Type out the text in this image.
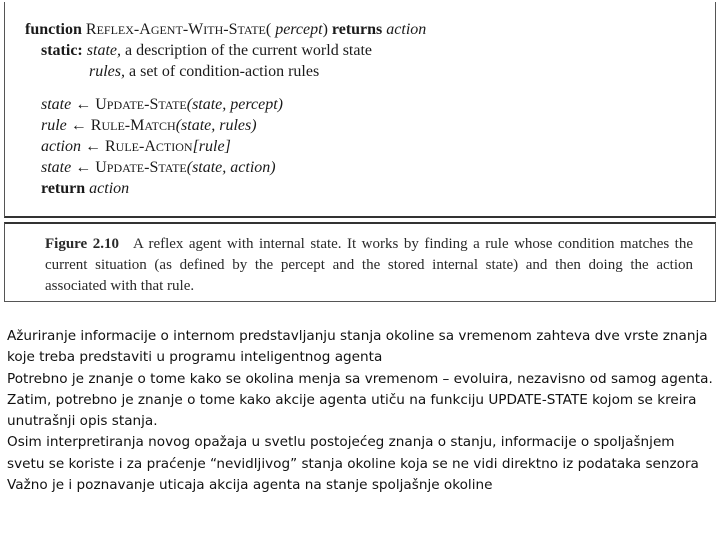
function REFLEX-AGENT-WITH-STATE( percept) returns action
static: state, a description of the current world state
rules, a set of condition-action rules
state ← UPDATE-STATE(state, percept)
rule ← RULE-MATCH(state, rules)
action ← RULE-ACTION[rule]
state ← UPDATE-STATE(state, action)
return action
Figure 2.10 A reflex agent with internal state. It works by finding a rule whose condition matches the current situation (as defined by the percept and the stored internal state) and then doing the action associated with that rule.

Ažuriranje informacije o internom predstavljanju stanja okoline sa vremenom zahteva dve vrste znanja koje treba predstaviti u programu inteligentnog agenta

Potrebno je znanje o tome kako se okolina menja sa vremenom – evoluira, nezavisno od samog agenta.

Zatim, potrebno je znanje o tome kako akcije agenta utiču na funkciju UPDATE-STATE kojom se kreira unutrašnji opis stanja.

Osim interpretiranja novog opažaja u svetlu postojećeg znanja o stanju, informacije o spoljašnjem svetu se koriste i za praćenje “nevidljivog” stanja okoline koja se ne vidi direktno iz podataka senzora

Važno je i poznavanje uticaja akcija agenta na stanje spoljašnje okoline
